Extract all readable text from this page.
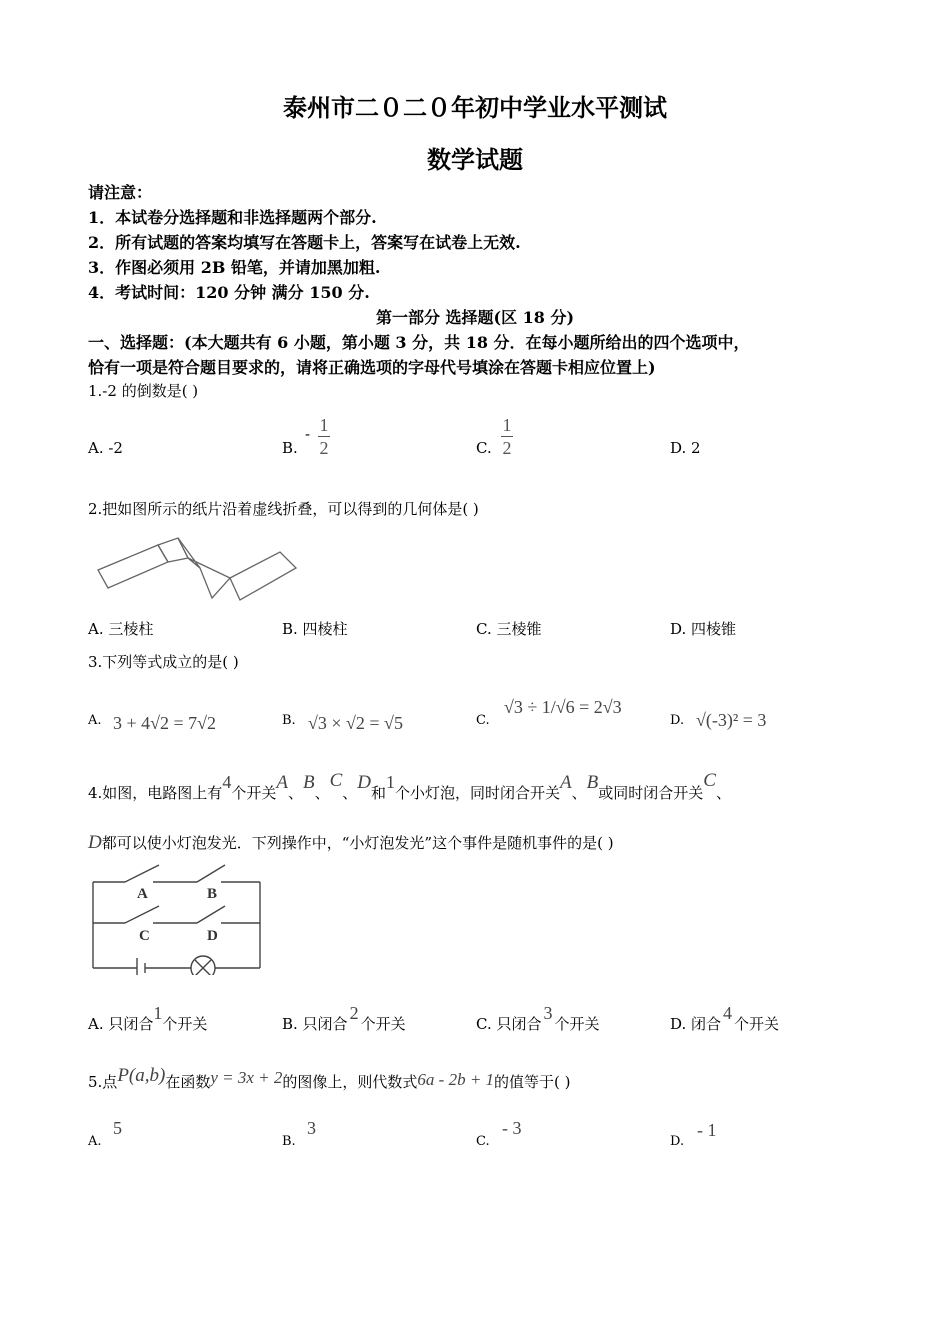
泰州市二０二０年初中学业水平测试
数学试题
请注意：
1．本试卷分选择题和非选择题两个部分.
2．所有试题的答案均填写在答题卡上，答案写在试卷上无效.
3．作图必须用 2B 铅笔，并请加黑加粗.
4．考试时间：120 分钟 满分 150 分.
第一部分 选择题(区 18 分)
一、选择题：(本大题共有 6 小题，第小题 3 分，共 18 分．在每小题所给出的四个选项中，
恰有一项是符合题目要求的，请将正确选项的字母代号填涂在答题卡相应位置上)
1.-2 的倒数是( )
A. -2	B.
- 1
2	C.
1
2	D. 2
2.把如图所示的纸片沿着虚线折叠，可以得到的几何体是( )
A. 三棱柱	B. 四棱柱	C. 三棱锥	D. 四棱锥
3.下列等式成立的是( )
A. 3 + 4√2 = 7√2	B. √3 × √2 = √5	C.
√3 ÷ 1/√6 = 2√3
D. √(-3)² = 3
4.如图，电路图上有4个开关A、B、C、D和1个小灯泡，同时闭合开关A、B或同时闭合开关C、
D都可以使小灯泡发光．下列操作中，“小灯泡发光”这个事件是随机事件的是( )
A	B
C	D
A. 只闭合1个开关	B. 只闭合2个开关	C. 只闭合3个开关	D. 闭合4个开关
5.点P(a,b)在函数y = 3x + 2的图像上，则代数式6a - 2b + 1的值等于( )
A.
5
B.
3
C.
- 3
D.
- 1
